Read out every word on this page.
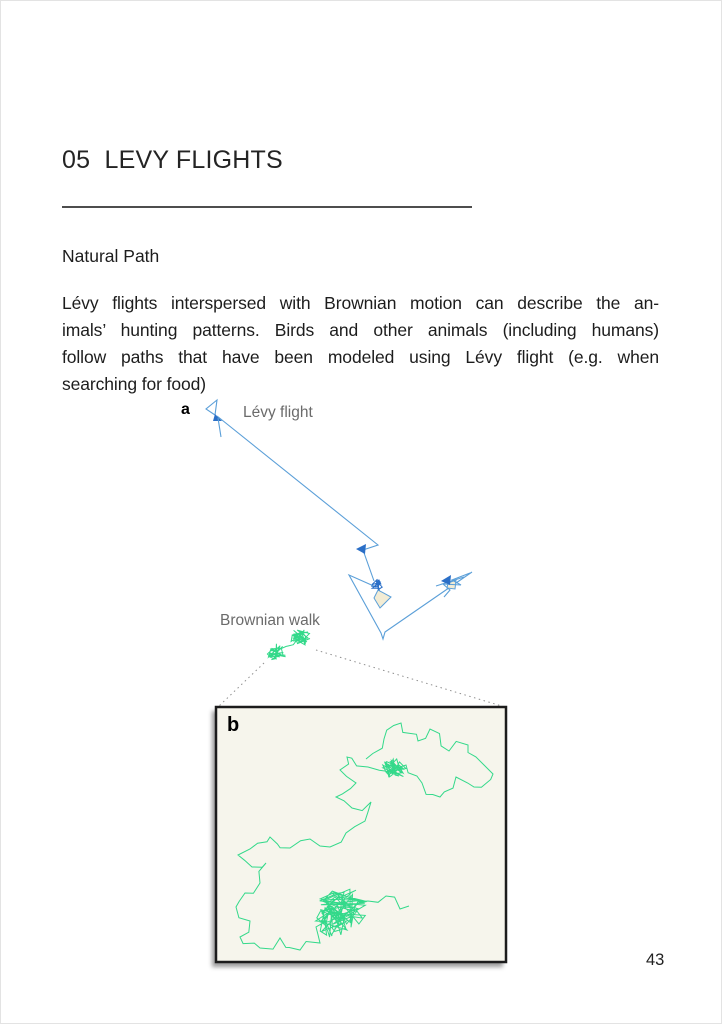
05  LEVY FLIGHTS
Natural Path
Lévy flights interspersed with Brownian motion can describe the an-
imals’ hunting patterns. Birds and other animals (including humans)
follow paths that have been modeled using Lévy flight (e.g. when
searching for food)
a	Lévy flight
Brownian walk
b
43
